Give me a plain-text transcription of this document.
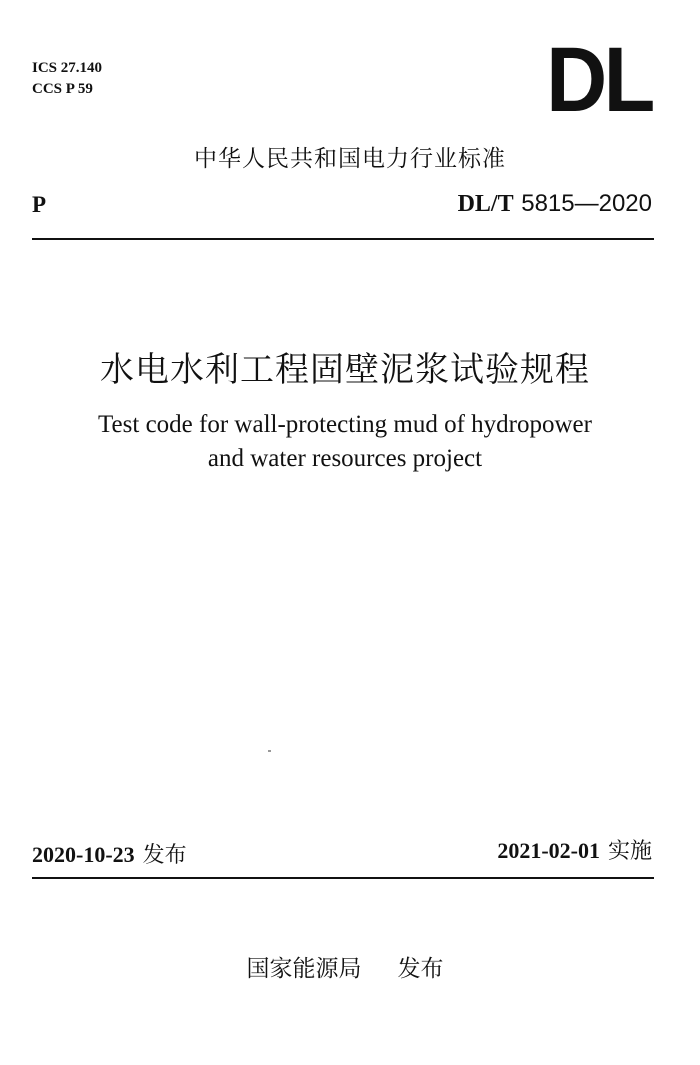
ICS 27.140
CCS P 59	DL
中华人民共和国电力行业标准
P	DL/T 5815—2020
水电水利工程固壁泥浆试验规程
Test code for wall-protecting mud of hydropower
and water resources project
2020-10-23 发布	2021-02-01 实施
国家能源局 发布
